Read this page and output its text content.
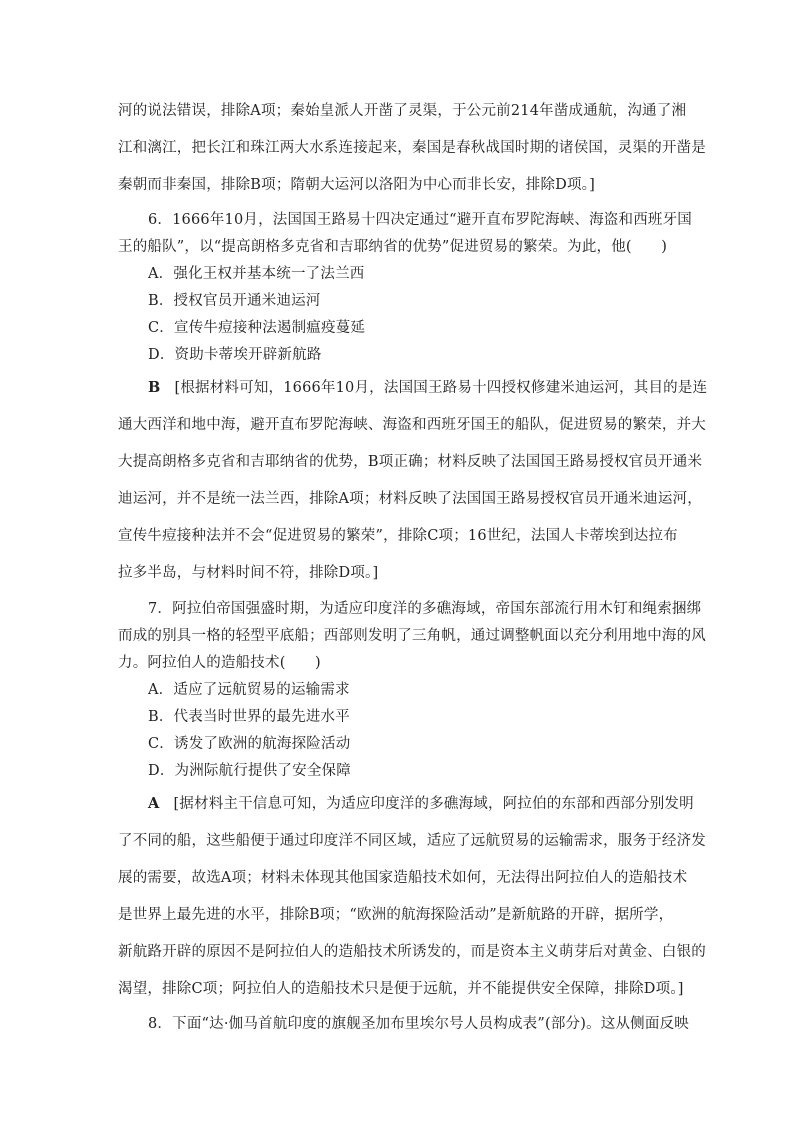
河的说法错误，排除A项；秦始皇派人开凿了灵渠，于公元前214年凿成通航，沟通了湘
江和漓江，把长江和珠江两大水系连接起来，秦国是春秋战国时期的诸侯国，灵渠的开凿是
秦朝而非秦国，排除B项；隋朝大运河以洛阳为中心而非长安，排除D项。]
6．1666年10月，法国国王路易十四决定通过“避开直布罗陀海峡、海盗和西班牙国
王的船队”，以“提高朗格多克省和吉耶纳省的优势”促进贸易的繁荣。为此，他(　　)
A．强化王权并基本统一了法兰西
B．授权官员开通米迪运河
C．宣传牛痘接种法遏制瘟疫蔓延
D．资助卡蒂埃开辟新航路
B [根据材料可知，1666年10月，法国国王路易十四授权修建米迪运河，其目的是连
通大西洋和地中海，避开直布罗陀海峡、海盗和西班牙国王的船队，促进贸易的繁荣，并大
大提高朗格多克省和吉耶纳省的优势，B项正确；材料反映了法国国王路易授权官员开通米
迪运河，并不是统一法兰西，排除A项；材料反映了法国国王路易授权官员开通米迪运河，
宣传牛痘接种法并不会“促进贸易的繁荣”，排除C项；16世纪，法国人卡蒂埃到达拉布
拉多半岛，与材料时间不符，排除D项。]
7．阿拉伯帝国强盛时期，为适应印度洋的多礁海域，帝国东部流行用木钉和绳索捆绑
而成的别具一格的轻型平底船；西部则发明了三角帆，通过调整帆面以充分利用地中海的风
力。阿拉伯人的造船技术(　　)
A．适应了远航贸易的运输需求
B．代表当时世界的最先进水平
C．诱发了欧洲的航海探险活动
D．为洲际航行提供了安全保障
A [据材料主干信息可知，为适应印度洋的多礁海域，阿拉伯的东部和西部分别发明
了不同的船，这些船便于通过印度洋不同区域，适应了远航贸易的运输需求，服务于经济发
展的需要，故选A项；材料未体现其他国家造船技术如何，无法得出阿拉伯人的造船技术
是世界上最先进的水平，排除B项；“欧洲的航海探险活动”是新航路的开辟，据所学，
新航路开辟的原因不是阿拉伯人的造船技术所诱发的，而是资本主义萌芽后对黄金、白银的
渴望，排除C项；阿拉伯人的造船技术只是便于远航，并不能提供安全保障，排除D项。]
8．下面“达·伽马首航印度的旗舰圣加布里埃尔号人员构成表”(部分)。这从侧面反映
